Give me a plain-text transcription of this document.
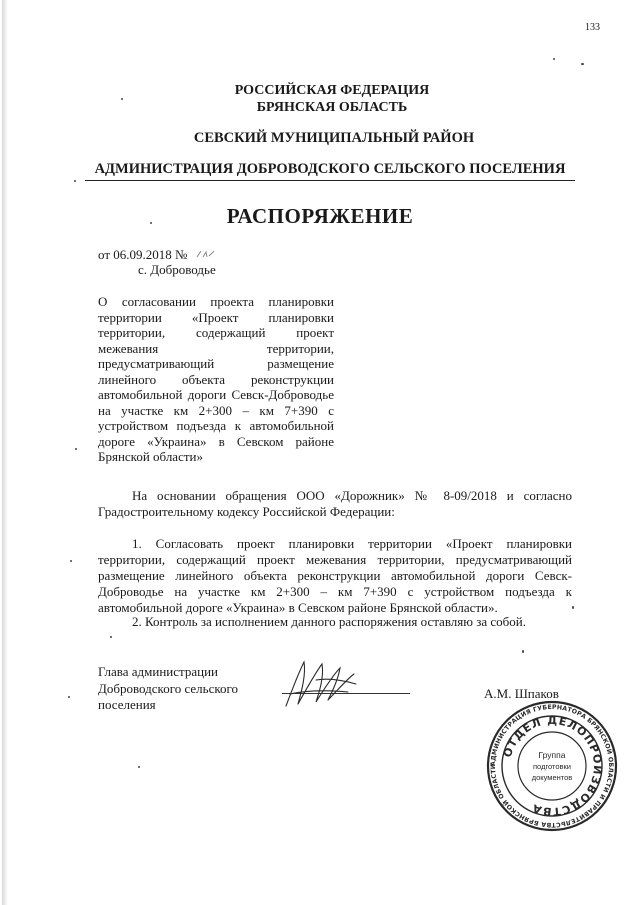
133
РОССИЙСКАЯ ФЕДЕРАЦИЯ
БРЯНСКАЯ ОБЛАСТЬ
СЕВСКИЙ МУНИЦИПАЛЬНЫЙ РАЙОН
АДМИНИСТРАЦИЯ ДОБРОВОДСКОГО СЕЛЬСКОГО ПОСЕЛЕНИЯ
РАСПОРЯЖЕНИЕ
от 06.09.2018 №
с. Доброводье
О согласовании проекта планировки территории «Проект планировки территории, содержащий проект межевания территории, предусматривающий размещение линейного объекта реконструкции автомобильной дороги Севск-Доброводье на участке км 2+300 – км 7+390 с устройством подъезда к автомобильной дороге «Украина» в Севском районе Брянской области»
На основании обращения ООО «Дорожник» № 8-09/2018 и согласно Градостроительному кодексу Российской Федерации:
1. Согласовать проект планировки территории «Проект планировки территории, содержащий проект межевания территории, предусматривающий размещение линейного объекта реконструкции автомобильной дороги Севск-Доброводье на участке км 2+300 – км 7+390 с устройством подъезда к автомобильной дороге «Украина» в Севском районе Брянской области».
2. Контроль за исполнением данного распоряжения оставляю за собой.
Глава администрации
Доброводского сельского
поселения
А.М. Шпаков
АДМИНИСТРАЦИЯ ГУБЕРНАТОРА БРЯНСКОЙ ОБЛАСТИ И ПРАВИТЕЛЬСТВА БРЯНСКОЙ ОБЛАСТИ
ОТДЕЛ ДЕЛОПРОИЗВОДСТВА
Группа
подготовки
документов
